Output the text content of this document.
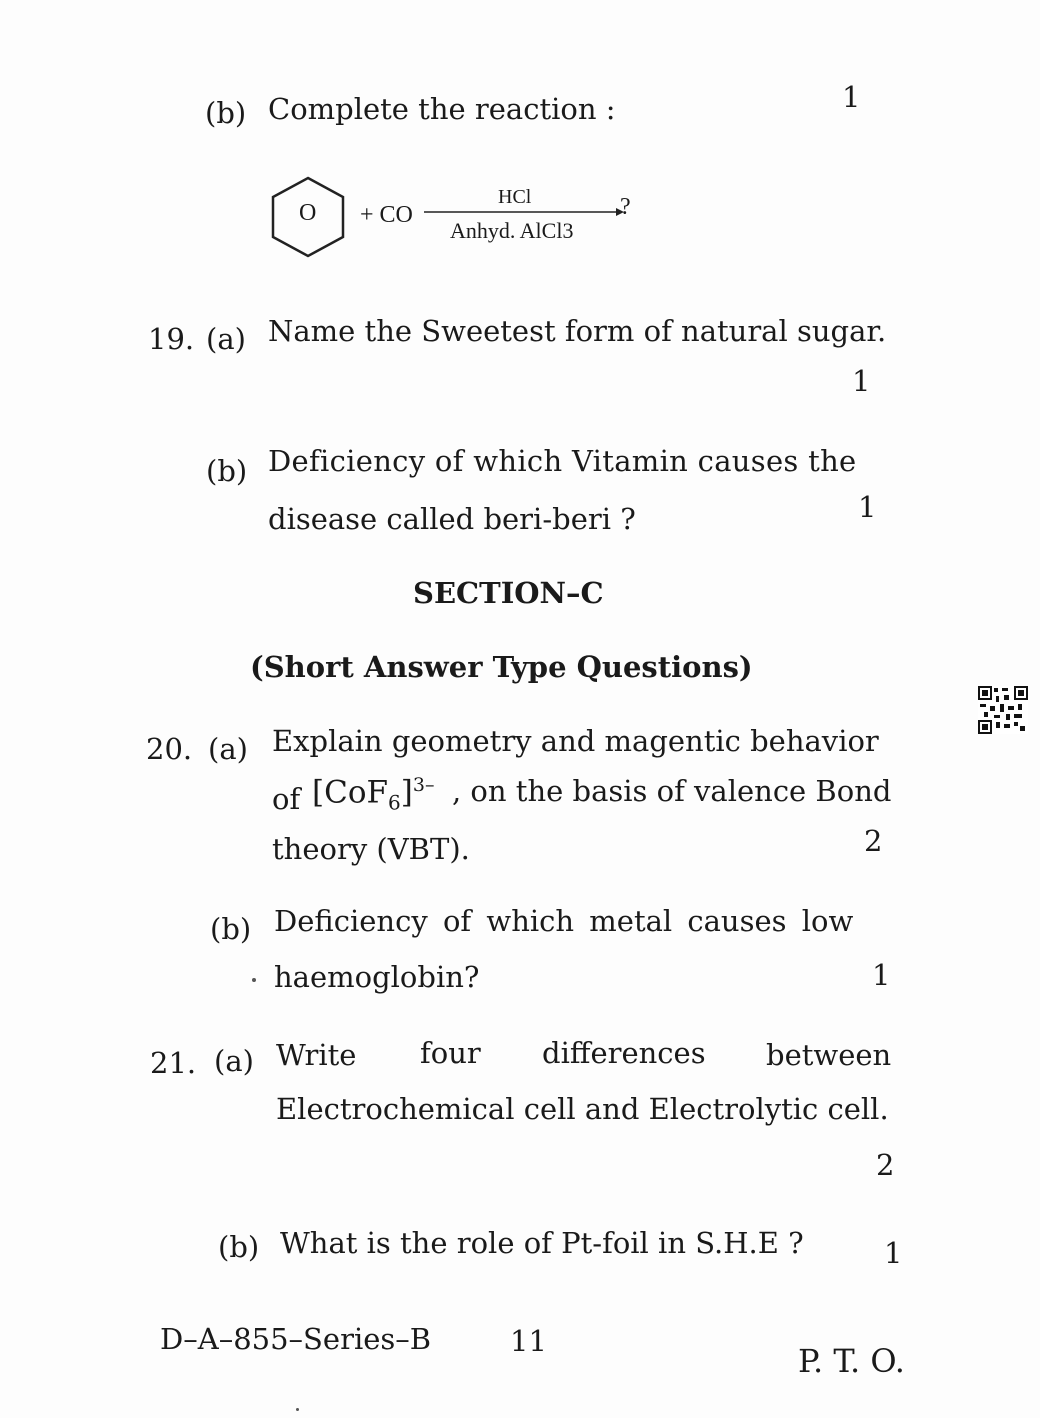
(b) Complete the reaction :	1
O + CO
HCl	?
Anhyd. AlCl3
19. (a) Name the Sweetest form of natural sugar.
1
(b) Deficiency of which Vitamin causes the
disease called beri-beri ?	1
SECTION–C
(Short Answer Type Questions)
20. (a) Explain geometry and magentic behavior
of $[CoF_6]^{3-}$ , on the basis of valence Bond
theory (VBT).	2
(b) Deficiency of which metal causes low
haemoglobin?	1
21. (a) Write four differences between
Electrochemical cell and Electrolytic cell.
2
(b) What is the role of Pt-foil in S.H.E ?	1
D–A–855–Series–B	11
P. T. O.
